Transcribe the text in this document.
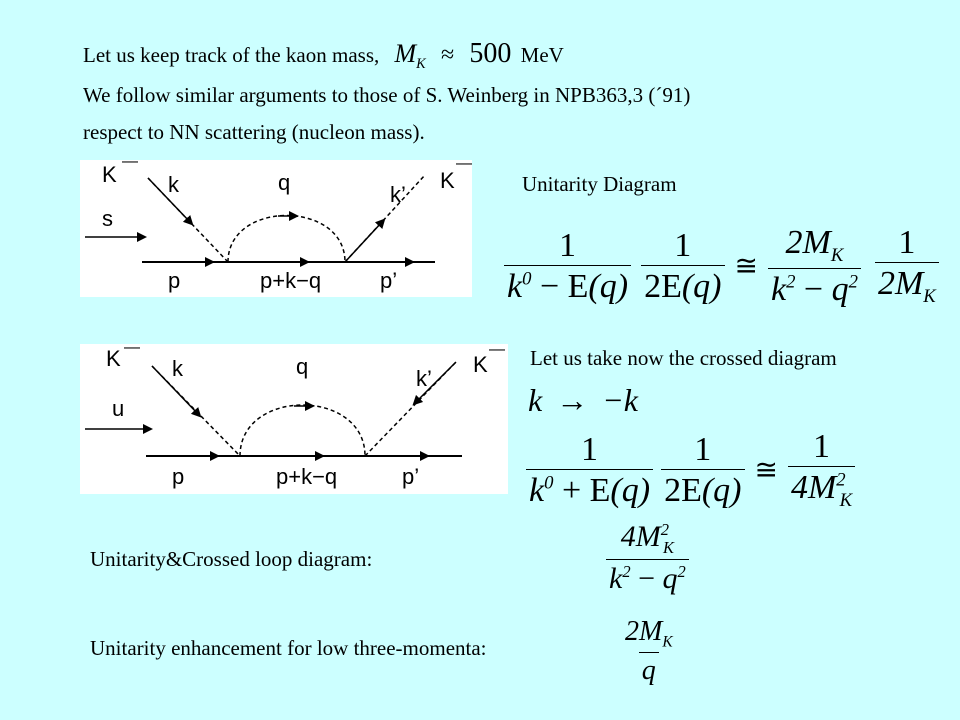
Let us keep track of the kaon mass, $M_K \approx 500$ MeV
We follow similar arguments to those of S. Weinberg in NPB363,3 (´91)
respect to NN scattering (nucleon mass).
K
—
k	q	k’
K
—
s
p	p+k−q	p’
Unitarity Diagram
$\frac{1}{k^0 - E(q)} \frac{1}{2E(q)}$ ≅ $\frac{2M_K}{k^2 - q^2} \frac{1}{2M_K}$
K —
k	q	k’
K
—
u
p	p+k−q	p’
Let us take now the crossed diagram
k → −k
$\frac{1}{k^0 + E(q)} \frac{1}{2E(q)}$ ≅ $\frac{1}{4M^2_K}$
Unitarity&Crossed loop diagram:	$\frac{4M^2_K}{k^2 - q^2}$
Unitarity enhancement for low three-momenta:	$\frac{2M_K}{q}$
